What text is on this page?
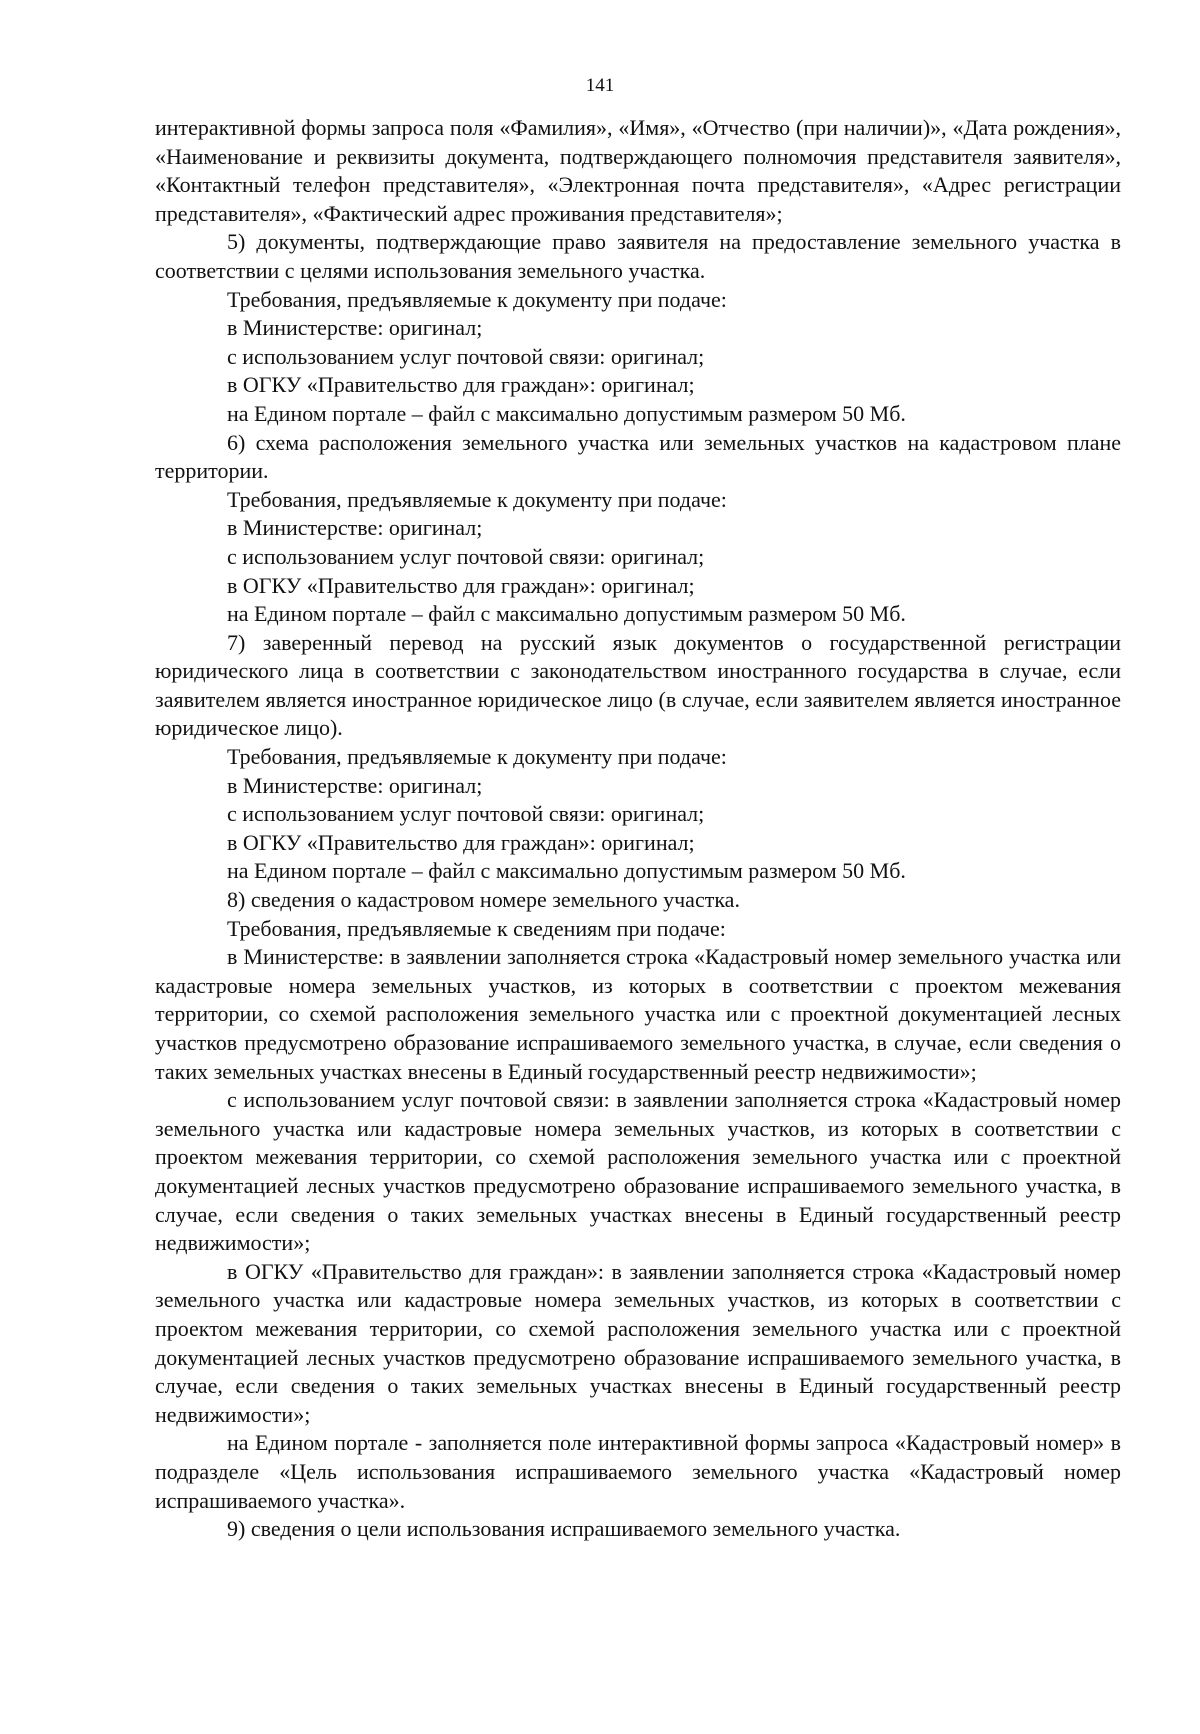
141

интерактивной формы запроса поля «Фамилия», «Имя», «Отчество (при наличии)», «Дата рождения», «Наименование и реквизиты документа, подтверждающего полномочия представителя заявителя», «Контактный телефон представителя», «Электронная почта представителя», «Адрес регистрации представителя», «Фактический адрес проживания представителя»;

5) документы, подтверждающие право заявителя на предоставление земельного участка в соответствии с целями использования земельного участка.

Требования, предъявляемые к документу при подаче:

в Министерстве: оригинал;

с использованием услуг почтовой связи: оригинал;

в ОГКУ «Правительство для граждан»: оригинал;

на Едином портале – файл с максимально допустимым размером 50 Мб.

6) схема расположения земельного участка или земельных участков на кадастровом плане территории.

Требования, предъявляемые к документу при подаче:

в Министерстве: оригинал;

с использованием услуг почтовой связи: оригинал;

в ОГКУ «Правительство для граждан»: оригинал;

на Едином портале – файл с максимально допустимым размером 50 Мб.

7) заверенный перевод на русский язык документов о государственной регистрации юридического лица в соответствии с законодательством иностранного государства в случае, если заявителем является иностранное юридическое лицо (в случае, если заявителем является иностранное юридическое лицо).

Требования, предъявляемые к документу при подаче:

в Министерстве: оригинал;

с использованием услуг почтовой связи: оригинал;

в ОГКУ «Правительство для граждан»: оригинал;

на Едином портале – файл с максимально допустимым размером 50 Мб.

8) сведения о кадастровом номере земельного участка.

Требования, предъявляемые к сведениям при подаче:

в Министерстве: в заявлении заполняется строка «Кадастровый номер земельного участка или кадастровые номера земельных участков, из которых в соответствии с проектом межевания территории, со схемой расположения земельного участка или с проектной документацией лесных участков предусмотрено образование испрашиваемого земельного участка, в случае, если сведения о таких земельных участках внесены в Единый государственный реестр недвижимости»;

с использованием услуг почтовой связи: в заявлении заполняется строка «Кадастровый номер земельного участка или кадастровые номера земельных участков, из которых в соответствии с проектом межевания территории, со схемой расположения земельного участка или с проектной документацией лесных участков предусмотрено образование испрашиваемого земельного участка, в случае, если сведения о таких земельных участках внесены в Единый государственный реестр недвижимости»;

в ОГКУ «Правительство для граждан»: в заявлении заполняется строка «Кадастровый номер земельного участка или кадастровые номера земельных участков, из которых в соответствии с проектом межевания территории, со схемой расположения земельного участка или с проектной документацией лесных участков предусмотрено образование испрашиваемого земельного участка, в случае, если сведения о таких земельных участках внесены в Единый государственный реестр недвижимости»;

на Едином портале - заполняется поле интерактивной формы запроса «Кадастровый номер» в подразделе «Цель использования испрашиваемого земельного участка «Кадастровый номер испрашиваемого участка».

9) сведения о цели использования испрашиваемого земельного участка.
